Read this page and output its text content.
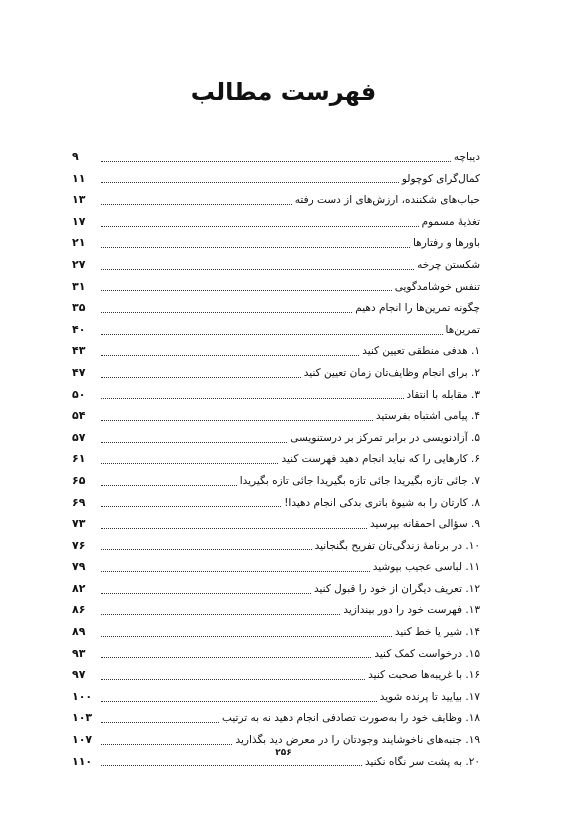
فهرست مطالب
دیباچه
۹
کمال‌گرای کوچولو
۱۱
حباب‌های شکننده، ارزش‌های از دست رفته
۱۳
تغذیهٔ مسموم
۱۷
باورها و رفتارها
۲۱
شکستن چرخه
۲۷
تنفس خوشامدگویی
۳۱
چگونه تمرین‌ها را انجام دهیم
۳۵
تمرین‌ها
۴۰
۱. هدفی منطقی تعیین کنید
۴۳
۲. برای انجام وظایف‌تان زمان تعیین کنید
۴۷
۳. مقابله با انتقاد
۵۰
۴. پیامی اشتباه بفرستید
۵۴
۵. آزادنویسی در برابر تمرکز بر درستنویسی
۵۷
۶. کارهایی را که نباید انجام دهید فهرست کنید
۶۱
۷. جائی تازه بگیریدا جائی تازه بگیریدا جائی تازه بگیریدا
۶۵
۸. کارتان را به شیوهٔ باتری بدکی انجام دهیدا!
۶۹
۹. سؤالی احمقانه بپرسید
۷۳
۱۰. در برنامهٔ زندگی‌تان تفریح بگنجانید
۷۶
۱۱. لباسی عجیب بپوشید
۷۹
۱۲. تعریف دیگران از خود را قبول کنید
۸۲
۱۳. فهرست خود را دور بیندازید
۸۶
۱۴. شیر یا خط کنید
۸۹
۱۵. درخواست کمک کنید
۹۳
۱۶. با غریبه‌ها صحبت کنید
۹۷
۱۷. بیایید تا پرنده شوید
۱۰۰
۱۸. وظایف خود را به‌صورت تصادفی انجام دهید نه به ترتیب
۱۰۳
۱۹. جنبه‌های ناخوشایند وجودتان را در معرض دید بگذارید
۱۰۷
۲۰. به پشت سر نگاه نکنید
۱۱۰
۲۵۶
